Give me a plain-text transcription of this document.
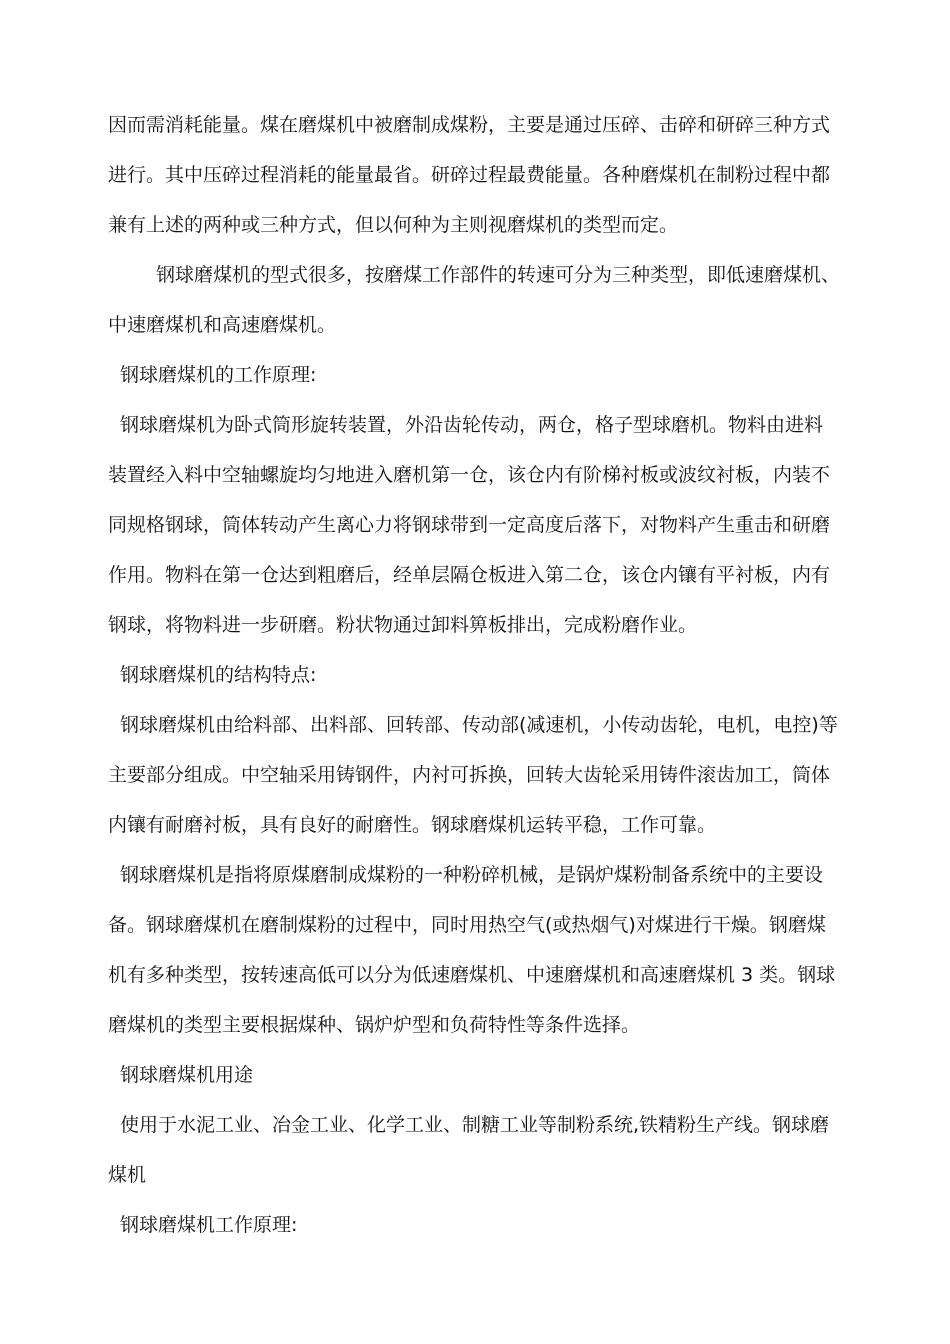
因而需消耗能量。煤在磨煤机中被磨制成煤粉，主要是通过压碎、击碎和研碎三种方式
进行。其中压碎过程消耗的能量最省。研碎过程最费能量。各种磨煤机在制粉过程中都
兼有上述的两种或三种方式，但以何种为主则视磨煤机的类型而定。
钢球磨煤机的型式很多，按磨煤工作部件的转速可分为三种类型，即低速磨煤机、
中速磨煤机和高速磨煤机。
钢球磨煤机的工作原理:
钢球磨煤机为卧式筒形旋转装置，外沿齿轮传动，两仓，格子型球磨机。物料由进料
装置经入料中空轴螺旋均匀地进入磨机第一仓，该仓内有阶梯衬板或波纹衬板，内装不
同规格钢球，筒体转动产生离心力将钢球带到一定高度后落下，对物料产生重击和研磨
作用。物料在第一仓达到粗磨后，经单层隔仓板进入第二仓，该仓内镶有平衬板，内有
钢球，将物料进一步研磨。粉状物通过卸料箅板排出，完成粉磨作业。
钢球磨煤机的结构特点:
钢球磨煤机由给料部、出料部、回转部、传动部(减速机，小传动齿轮，电机，电控)等
主要部分组成。中空轴采用铸钢件，内衬可拆换，回转大齿轮采用铸件滚齿加工，筒体
内镶有耐磨衬板，具有良好的耐磨性。钢球磨煤机运转平稳，工作可靠。
钢球磨煤机是指将原煤磨制成煤粉的一种粉碎机械，是锅炉煤粉制备系统中的主要设
备。钢球磨煤机在磨制煤粉的过程中，同时用热空气(或热烟气)对煤进行干燥。钢磨煤
机有多种类型，按转速高低可以分为低速磨煤机、中速磨煤机和高速磨煤机 3 类。钢球
磨煤机的类型主要根据煤种、锅炉炉型和负荷特性等条件选择。
钢球磨煤机用途
使用于水泥工业、冶金工业、化学工业、制糖工业等制粉系统,铁精粉生产线。钢球磨
煤机
钢球磨煤机工作原理:
